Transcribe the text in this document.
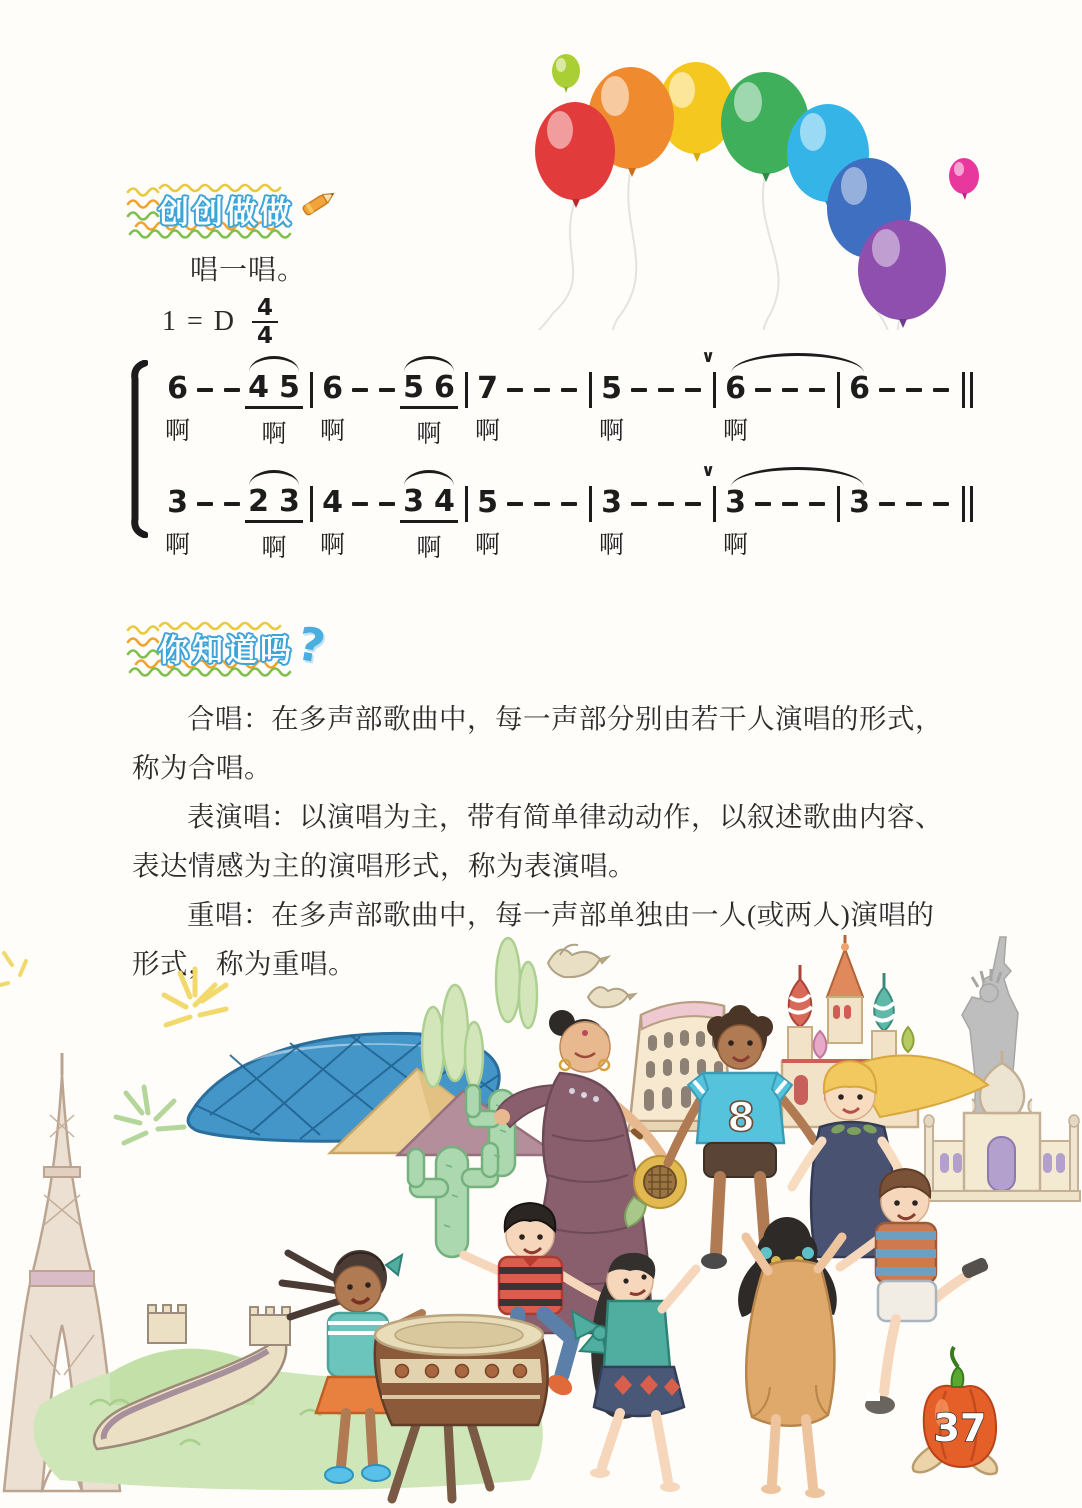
创创做做
唱一唱。
1 = D $\frac{4}{4}$
6
啊
4 5
啊
6
啊
5 6
啊
7
啊
5
啊
∨
6
啊
6
3
啊
2 3
啊
4
啊
3 4
啊
5
啊
3
啊
∨
3
啊
3
你知道吗 ?

合唱：在多声部歌曲中，每一声部分别由若干人演唱的形式，称为合唱。

表演唱：以演唱为主，带有简单律动动作，以叙述歌曲内容、表达情感为主的演唱形式，称为表演唱。

重唱：在多声部歌曲中，每一声部单独由一人(或两人)演唱的形式，称为重唱。

8
37
